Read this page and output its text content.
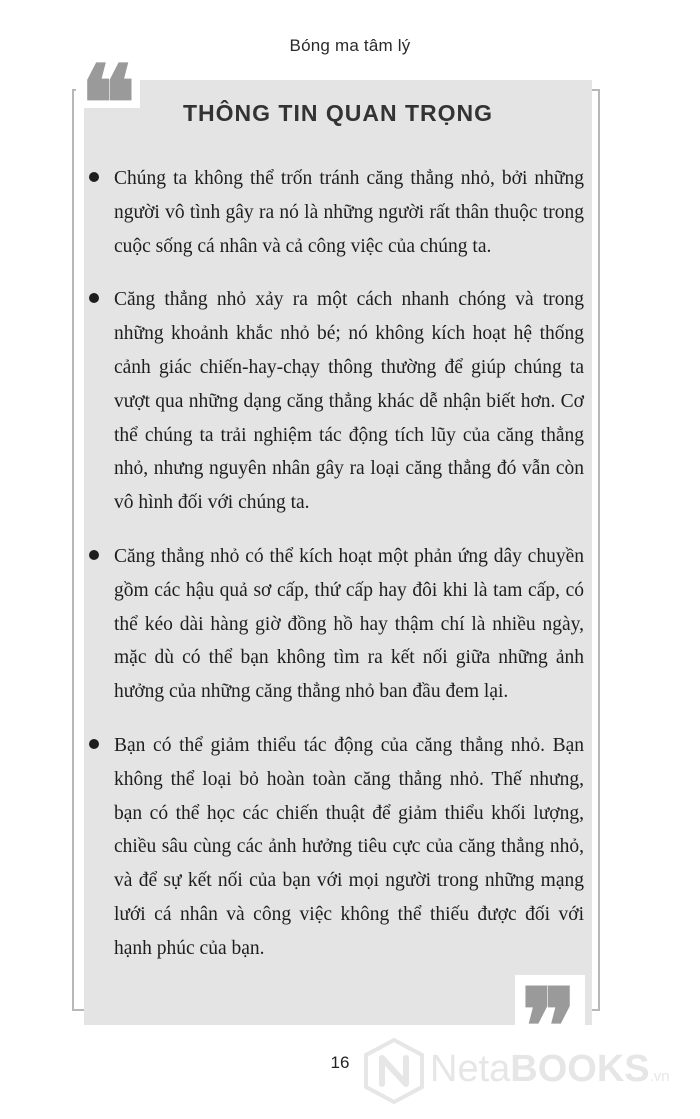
Bóng ma tâm lý
THÔNG TIN QUAN TRỌNG
Chúng ta không thể trốn tránh căng thẳng nhỏ, bởi những người vô tình gây ra nó là những người rất thân thuộc trong cuộc sống cá nhân và cả công việc của chúng ta.
Căng thẳng nhỏ xảy ra một cách nhanh chóng và trong những khoảnh khắc nhỏ bé; nó không kích hoạt hệ thống cảnh giác chiến-hay-chạy thông thường để giúp chúng ta vượt qua những dạng căng thẳng khác dễ nhận biết hơn. Cơ thể chúng ta trải nghiệm tác động tích lũy của căng thẳng nhỏ, nhưng nguyên nhân gây ra loại căng thẳng đó vẫn còn vô hình đối với chúng ta.
Căng thẳng nhỏ có thể kích hoạt một phản ứng dây chuyền gồm các hậu quả sơ cấp, thứ cấp hay đôi khi là tam cấp, có thể kéo dài hàng giờ đồng hồ hay thậm chí là nhiều ngày, mặc dù có thể bạn không tìm ra kết nối giữa những ảnh hưởng của những căng thẳng nhỏ ban đầu đem lại.
Bạn có thể giảm thiểu tác động của căng thẳng nhỏ. Bạn không thể loại bỏ hoàn toàn căng thẳng nhỏ. Thế nhưng, bạn có thể học các chiến thuật để giảm thiểu khối lượng, chiều sâu cùng các ảnh hưởng tiêu cực của căng thẳng nhỏ, và để sự kết nối của bạn với mọi người trong những mạng lưới cá nhân và công việc không thể thiếu được đối với hạnh phúc của bạn.
16	NetaBOOKS.vn
